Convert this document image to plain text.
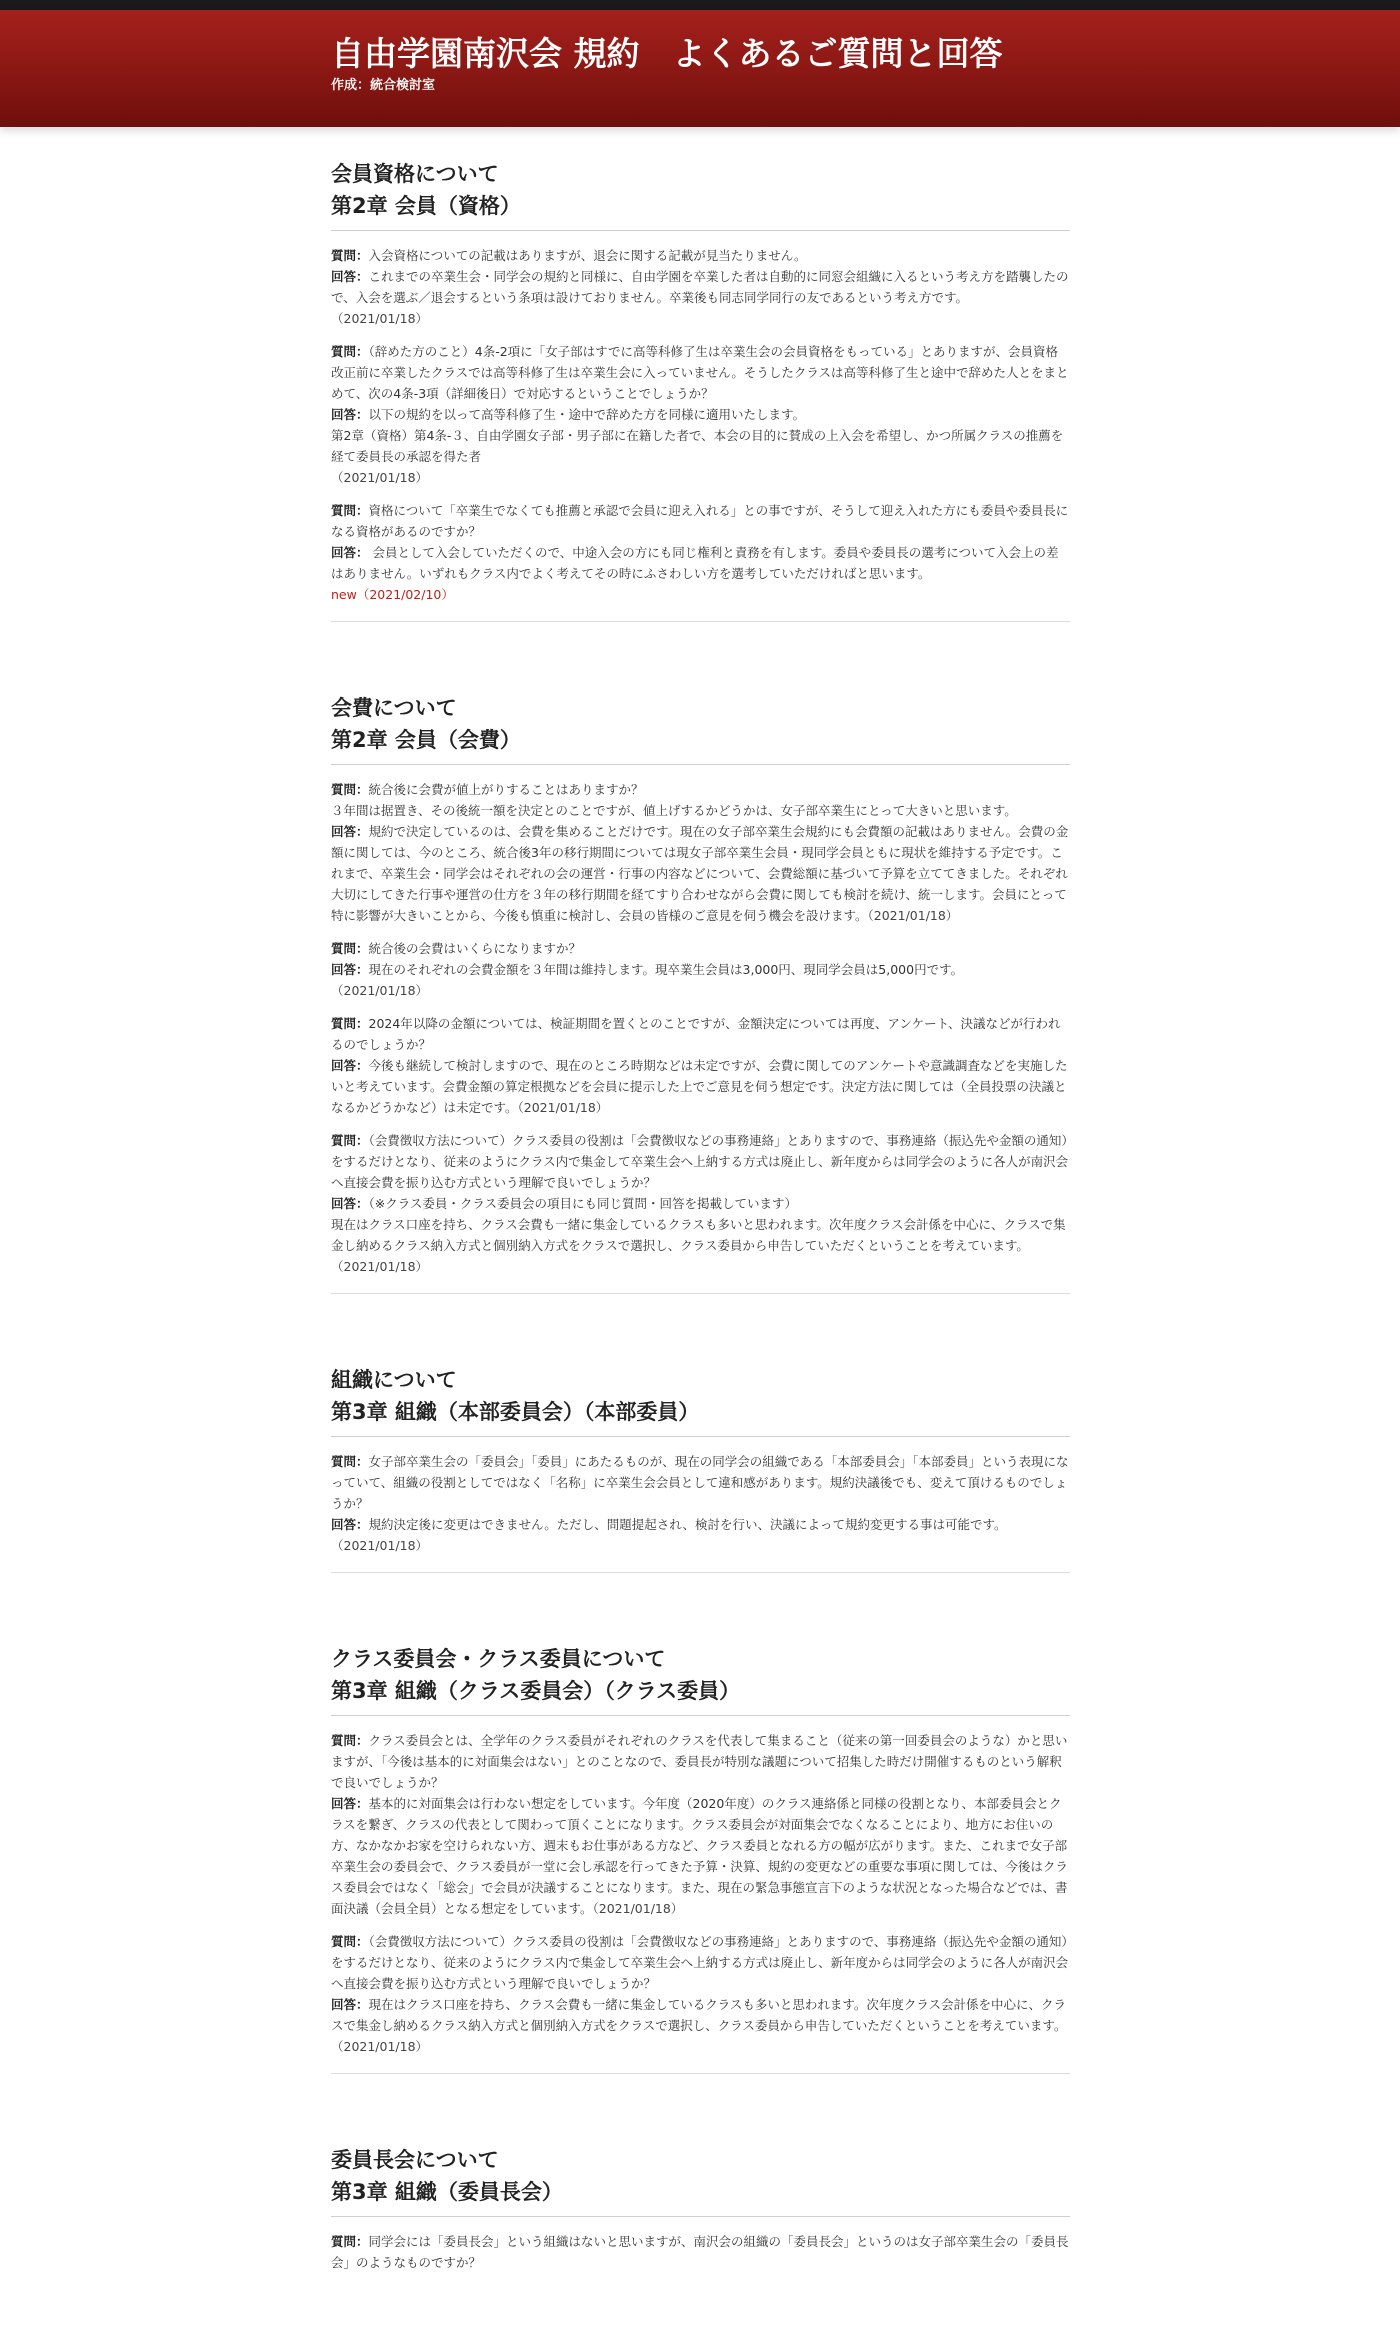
自由学園南沢会 規約　よくあるご質問と回答
作成：統合検討室
会員資格について
第2章 会員（資格）
質問：入会資格についての記載はありますが、退会に関する記載が見当たりません。
回答：これまでの卒業生会・同学会の規約と同様に、自由学園を卒業した者は自動的に同窓会組織に入るという考え方を踏襲したので、入会を選ぶ／退会するという条項は設けておりません。卒業後も同志同学同行の友であるという考え方です。
（2021/01/18）
質問：（辞めた方のこと）4条-2項に「女子部はすでに高等科修了生は卒業生会の会員資格をもっている」とありますが、会員資格改正前に卒業したクラスでは高等科修了生は卒業生会に入っていません。そうしたクラスは高等科修了生と途中で辞めた人とをまとめて、次の4条-3項（詳細後日）で対応するということでしょうか？
回答：以下の規約を以って高等科修了生・途中で辞めた方を同様に適用いたします。
第2章（資格）第4条-３、自由学園女子部・男子部に在籍した者で、本会の目的に賛成の上入会を希望し、かつ所属クラスの推薦を経て委員長の承認を得た者
（2021/01/18）
質問：資格について「卒業生でなくても推薦と承認で会員に迎え入れる」との事ですが、そうして迎え入れた方にも委員や委員長になる資格があるのですか？
回答： 会員として入会していただくので、中途入会の方にも同じ権利と責務を有します。委員や委員長の選考について入会上の差はありません。いずれもクラス内でよく考えてその時にふさわしい方を選考していただければと思います。
new（2021/02/10）
会費について
第2章 会員（会費）
質問：統合後に会費が値上がりすることはありますか？
３年間は据置き、その後統一額を決定とのことですが、値上げするかどうかは、女子部卒業生にとって大きいと思います。
回答：規約で決定しているのは、会費を集めることだけです。現在の女子部卒業生会規約にも会費額の記載はありません。会費の金額に関しては、今のところ、統合後3年の移行期間については現女子部卒業生会員・現同学会員ともに現状を維持する予定です。これまで、卒業生会・同学会はそれぞれの会の運営・行事の内容などについて、会費総額に基づいて予算を立ててきました。それぞれ大切にしてきた行事や運営の仕方を３年の移行期間を経てすり合わせながら会費に関しても検討を続け、統一します。会員にとって特に影響が大きいことから、今後も慎重に検討し、会員の皆様のご意見を伺う機会を設けます。（2021/01/18）
質問：統合後の会費はいくらになりますか？
回答：現在のそれぞれの会費金額を３年間は維持します。現卒業生会員は3,000円、現同学会員は5,000円です。
（2021/01/18）
質問：2024年以降の金額については、検証期間を置くとのことですが、金額決定については再度、アンケート、決議などが行われるのでしょうか？
回答：今後も継続して検討しますので、現在のところ時期などは未定ですが、会費に関してのアンケートや意識調査などを実施したいと考えています。会費金額の算定根拠などを会員に提示した上でご意見を伺う想定です。決定方法に関しては（全員投票の決議となるかどうかなど）は未定です。（2021/01/18）
質問：（会費徴収方法について）クラス委員の役割は「会費徴収などの事務連絡」とありますので、事務連絡（振込先や金額の通知）をするだけとなり、従来のようにクラス内で集金して卒業生会へ上納する方式は廃止し、新年度からは同学会のように各人が南沢会へ直接会費を振り込む方式という理解で良いでしょうか？
回答：（※クラス委員・クラス委員会の項目にも同じ質問・回答を掲載しています）
現在はクラス口座を持ち、クラス会費も一緒に集金しているクラスも多いと思われます。次年度クラス会計係を中心に、クラスで集金し納めるクラス納入方式と個別納入方式をクラスで選択し、クラス委員から申告していただくということを考えています。（2021/01/18）
組織について
第3章 組織（本部委員会）（本部委員）
質問：女子部卒業生会の「委員会」「委員」にあたるものが、現在の同学会の組織である「本部委員会」「本部委員」という表現になっていて、組織の役割としてではなく「名称」に卒業生会会員として違和感があります。規約決議後でも、変えて頂けるものでしょうか？
回答：規約決定後に変更はできません。ただし、問題提起され、検討を行い、決議によって規約変更する事は可能です。
（2021/01/18）
クラス委員会・クラス委員について
第3章 組織（クラス委員会）（クラス委員）
質問：クラス委員会とは、全学年のクラス委員がそれぞれのクラスを代表して集まること（従来の第一回委員会のような）かと思いますが、「今後は基本的に対面集会はない」とのことなので、委員長が特別な議題について招集した時だけ開催するものという解釈で良いでしょうか？
回答：基本的に対面集会は行わない想定をしています。今年度（2020年度）のクラス連絡係と同様の役割となり、本部委員会とクラスを繋ぎ、クラスの代表として関わって頂くことになります。クラス委員会が対面集会でなくなることにより、地方にお住いの方、なかなかお家を空けられない方、週末もお仕事がある方など、クラス委員となれる方の幅が広がります。また、これまで女子部卒業生会の委員会で、クラス委員が一堂に会し承認を行ってきた予算・決算、規約の変更などの重要な事項に関しては、今後はクラス委員会ではなく「総会」で会員が決議することになります。また、現在の緊急事態宣言下のような状況となった場合などでは、書面決議（会員全員）となる想定をしています。（2021/01/18）
質問：（会費徴収方法について）クラス委員の役割は「会費徴収などの事務連絡」とありますので、事務連絡（振込先や金額の通知）をするだけとなり、従来のようにクラス内で集金して卒業生会へ上納する方式は廃止し、新年度からは同学会のように各人が南沢会へ直接会費を振り込む方式という理解で良いでしょうか？
回答：現在はクラス口座を持ち、クラス会費も一緒に集金しているクラスも多いと思われます。次年度クラス会計係を中心に、クラスで集金し納めるクラス納入方式と個別納入方式をクラスで選択し、クラス委員から申告していただくということを考えています。（2021/01/18）
委員長会について
第3章 組織（委員長会）
質問：同学会には「委員長会」という組織はないと思いますが、南沢会の組織の「委員長会」というのは女子部卒業生会の「委員長会」のようなものですか？
